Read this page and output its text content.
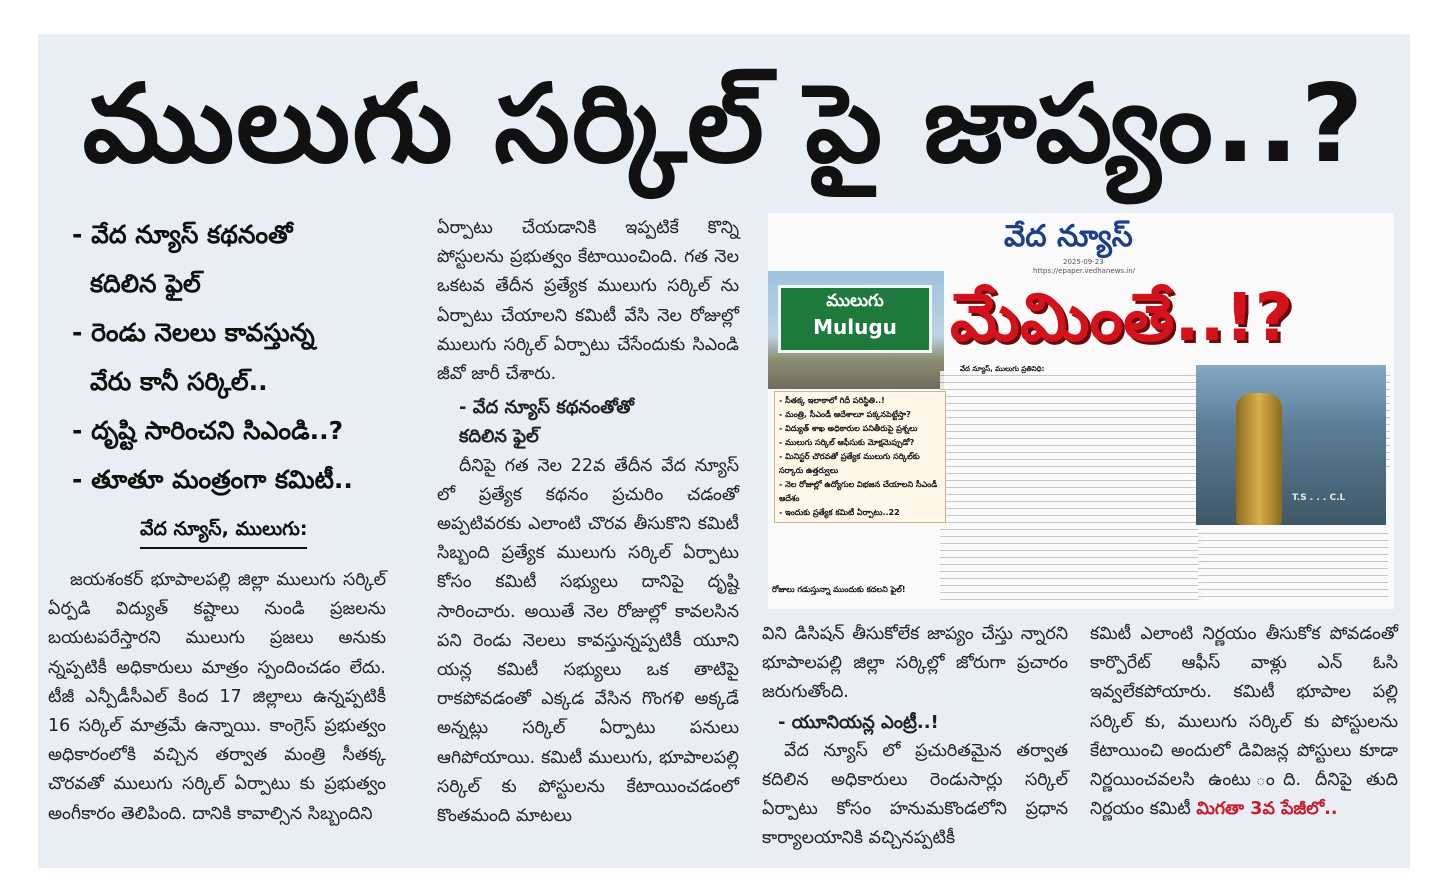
ములుగు సర్కిల్ పై జాప్యం..?
- వేద న్యూస్ కథనంతో
కదిలిన ఫైల్
- రెండు నెలలు కావస్తున్న
వేరు కానీ సర్కిల్..
- దృష్టి సారించని సిఎండి..?
- తూతూ మంత్రంగా కమిటీ..
వేద న్యూస్, ములుగు:
జయశంకర్ భూపాలపల్లి జిల్లా ములుగు సర్కిల్ ఏర్పడి విద్యుత్ కష్టాలు నుండి ప్రజలను బయటపరేస్తారని ములుగు ప్రజలు అనుకు న్నప్పటికీ అధికారులు మాత్రం స్పందించడం లేదు. టీజీ ఎన్పీడీసీఎల్ కింద 17 జిల్లాలు ఉన్నప్పటికీ 16 సర్కిల్ మాత్రమే ఉన్నాయి. కాంగ్రెస్ ప్రభుత్వం అధికారంలోకి వచ్చిన తర్వాత మంత్రి సీతక్క చొరవతో ములుగు సర్కిల్ ఏర్పాటు కు ప్రభుత్వం అంగీకారం తెలిపింది. దానికి కావాల్సిన సిబ్బందిని
ఏర్పాటు చేయడానికి ఇప్పటికే కొన్ని పోస్టులను ప్రభుత్వం కేటాయించింది. గత నెల ఒకటవ తేదీన ప్రత్యేక ములుగు సర్కిల్ ను ఏర్పాటు చేయాలని కమిటీ వేసి నెల రోజుల్లో ములుగు సర్కిల్ ఏర్పాటు చేసేందుకు సిఎండి జీవో జారీ చేశారు.
- వేద న్యూస్ కథనంతోతో
కదిలిన ఫైల్
దీనిపై గత నెల 22వ తేదీన వేద న్యూస్ లో ప్రత్యేక కథనం ప్రచురిం చడంతో అప్పటివరకు ఎలాంటి చొరవ తీసుకొని కమిటీ సిబ్బంది ప్రత్యేక ములుగు సర్కిల్ ఏర్పాటు కోసం కమిటీ సభ్యులు దానిపై దృష్టి సారించారు. అయితే నెల రోజుల్లో కావలసిన పని రెండు నెలలు కావస్తున్నప్పటికీ యూని యన్ల కమిటీ సభ్యులు ఒక తాటిపై రాకపోవడంతో ఎక్కడ వేసిన గొంగళి అక్కడే అన్నట్లు సర్కిల్ ఏర్పాటు పనులు ఆగిపోయాయి. కమిటీ ములుగు, భూపాలపల్లి సర్కిల్ కు పోస్టులను కేటాయించడంలో కొంతమంది మాటలు
వేద న్యూస్
2025-09-23
https://epaper.vedhanews.in/
ములుగు
Mulugu మేమింతే..!?
వేద న్యూస్, ములుగు ప్రతినిధి:
- సీతక్క ఇలాకాలో గిదీ పరిస్థితి..!
- మంత్రి, సీఎండీ ఆదేశాలూ పక్కనపెట్టేస్తా?
- విద్యుత్ శాఖ అధికారుల పనితీరుపై ప్రశ్నలు
- ములుగు సర్కిల్ ఆఫీసుకు మోక్షమెప్పుడో?
- మినిస్టర్ చొరవతో ప్రత్యేక ములుగు సర్కిల్‌కు సర్కారు ఉత్తర్వులు
- నెల రోజుల్లో ఉద్యోగుల విభజన చేయాలని సీఎండీ ఆదేశం
- ఇందుకు ప్రత్యేక కమిటీ ఏర్పాటు..22
T.S . . . C.L
రోజులు గడుస్తున్నా ముందుకు కదలని ఫైల్!
విని డిసిషన్ తీసుకోలేక జాప్యం చేస్తు న్నారని భూపాలపల్లి జిల్లా సర్కిల్లో జోరుగా ప్రచారం జరుగుతోంది.
- యూనియన్ల ఎంట్రీ..!
వేద న్యూస్ లో ప్రచురితమైన తర్వాత కదిలిన అధికారులు రెండుసార్లు సర్కిల్ ఏర్పాటు కోసం హనుమకొండలోని ప్రధాన కార్యాలయానికి వచ్చినప్పటికీ
కమిటీ ఎలాంటి నిర్ణయం తీసుకోక పోవడంతో కార్పొరేట్ ఆఫీస్ వాళ్లు ఎన్ ఓసి ఇవ్వలేకపోయారు. కమిటీ భూపాల పల్లి సర్కిల్ కు, ములుగు సర్కిల్ కు పోస్టులను కేటాయించి అందులో డివిజన్ల పోస్టులు కూడా నిర్ణయించవలసి ఉంటు ంది. దీనిపై తుది నిర్ణయం కమిటీ మిగతా 3వ పేజీలో..
